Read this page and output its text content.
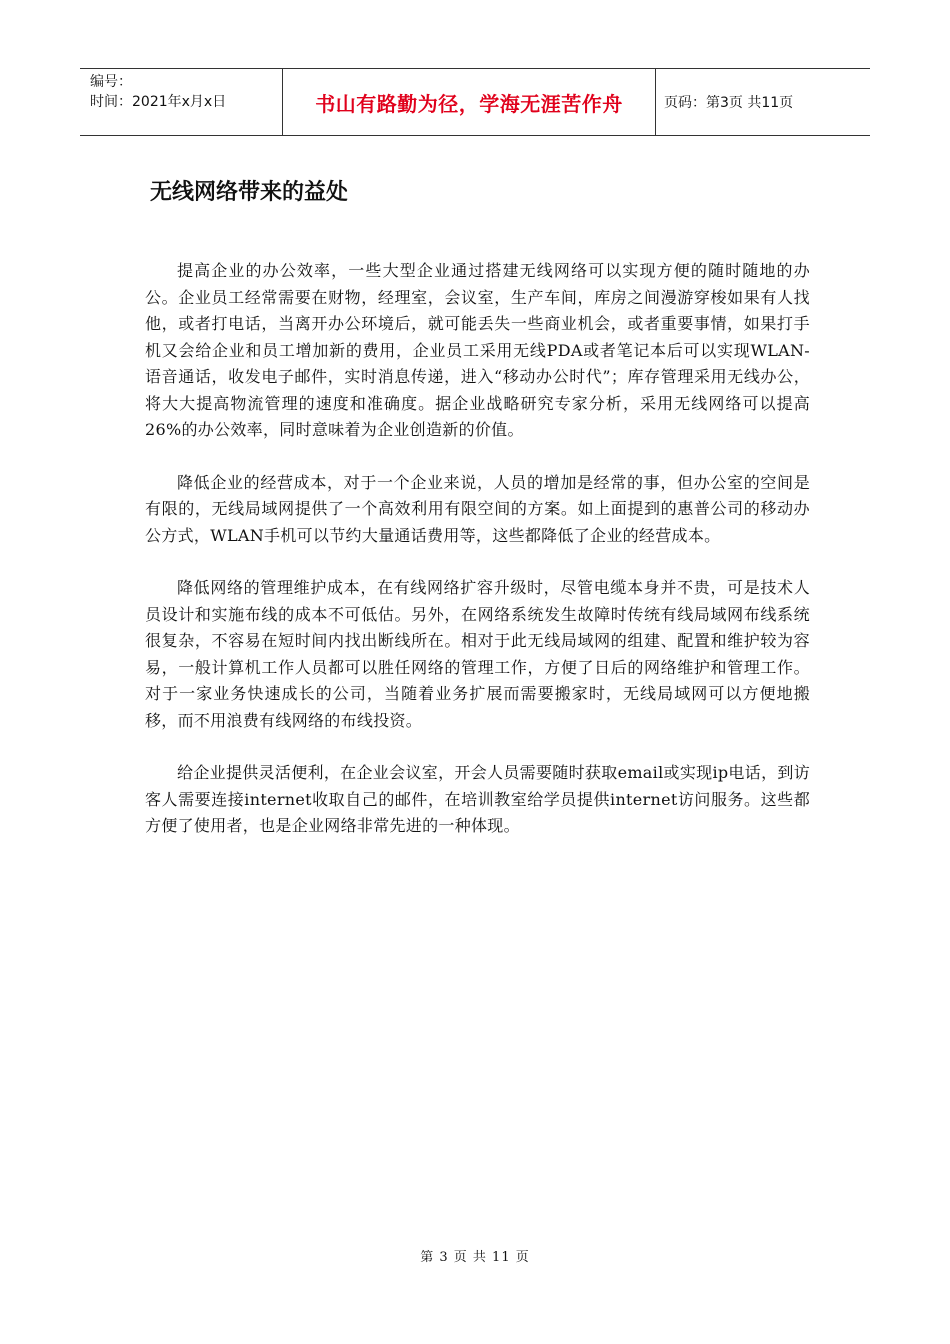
编号：
时间：2021年x月x日	书山有路勤为径，学海无涯苦作舟	页码：第3页 共11页
无线网络带来的益处

提高企业的办公效率，一些大型企业通过搭建无线网络可以实现方便的随时随地的办公。企业员工经常需要在财物，经理室，会议室，生产车间，库房之间漫游穿梭如果有人找他，或者打电话，当离开办公环境后，就可能丢失一些商业机会，或者重要事情，如果打手机又会给企业和员工增加新的费用，企业员工采用无线PDA或者笔记本后可以实现WLAN-语音通话，收发电子邮件，实时消息传递，进入“移动办公时代”；库存管理采用无线办公，将大大提高物流管理的速度和准确度。据企业战略研究专家分析，采用无线网络可以提高26%的办公效率，同时意味着为企业创造新的价值。

降低企业的经营成本，对于一个企业来说，人员的增加是经常的事，但办公室的空间是有限的，无线局域网提供了一个高效利用有限空间的方案。如上面提到的惠普公司的移动办公方式，WLAN手机可以节约大量通话费用等，这些都降低了企业的经营成本。

降低网络的管理维护成本，在有线网络扩容升级时，尽管电缆本身并不贵，可是技术人员设计和实施布线的成本不可低估。另外，在网络系统发生故障时传统有线局域网布线系统很复杂，不容易在短时间内找出断线所在。相对于此无线局域网的组建、配置和维护较为容易，一般计算机工作人员都可以胜任网络的管理工作，方便了日后的网络维护和管理工作。对于一家业务快速成长的公司，当随着业务扩展而需要搬家时，无线局域网可以方便地搬移，而不用浪费有线网络的布线投资。

给企业提供灵活便利，在企业会议室，开会人员需要随时获取email或实现ip电话，到访客人需要连接internet收取自己的邮件，在培训教室给学员提供internet访问服务。这些都方便了使用者，也是企业网络非常先进的一种体现。

第 3 页 共 11 页
